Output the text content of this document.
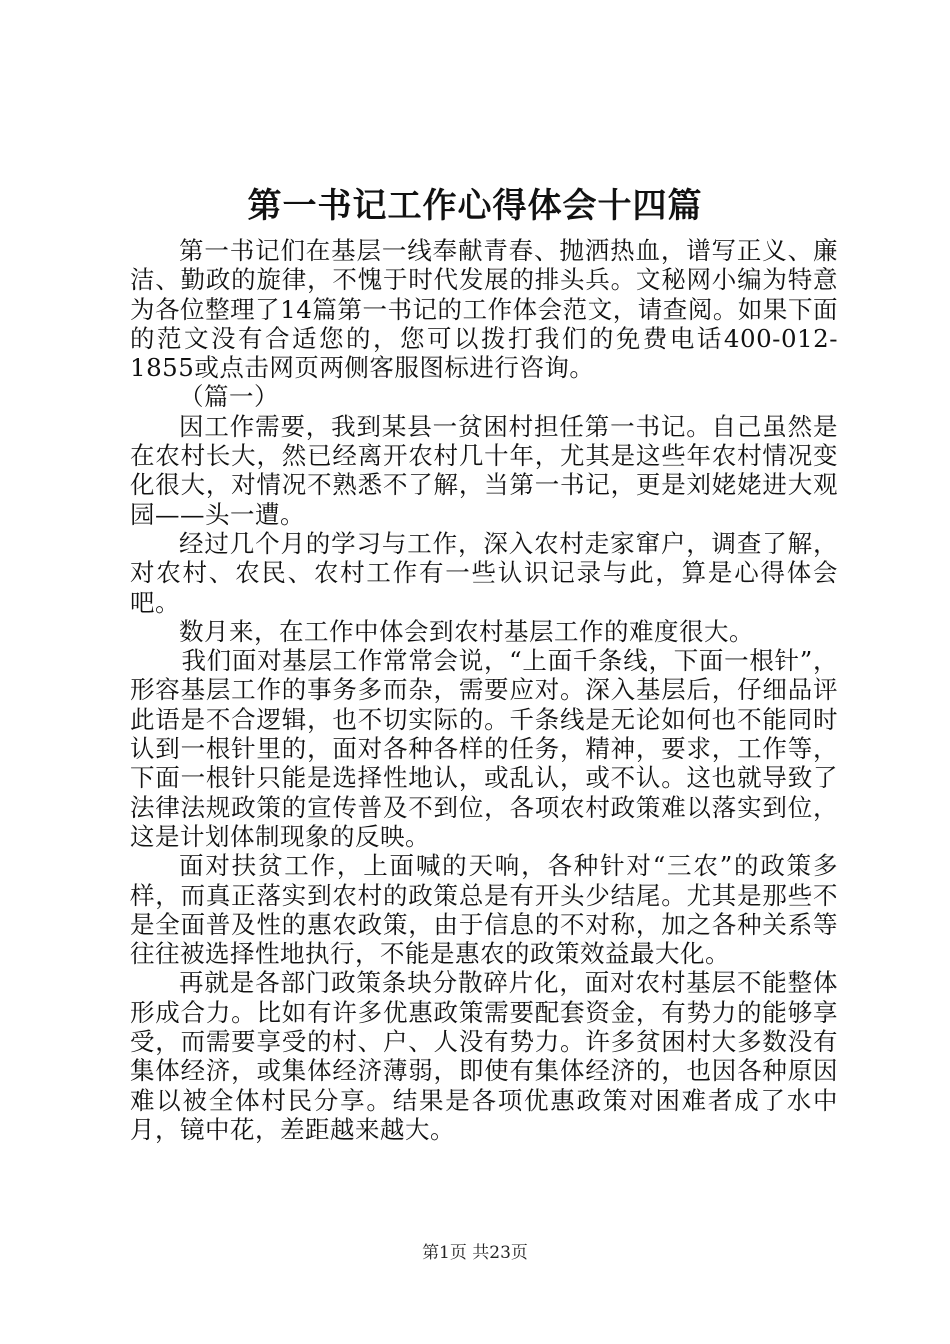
第一书记工作心得体会十四篇

第一书记们在基层一线奉献青春、抛洒热血，谱写正义、廉洁、勤政的旋律，不愧于时代发展的排头兵。文秘网小编为特意为各位整理了14篇第一书记的工作体会范文，请查阅。如果下面的范文没有合适您的，您可以拨打我们的免费电话400-012-1855或点击网页两侧客服图标进行咨询。

（篇一）

因工作需要，我到某县一贫困村担任第一书记。自己虽然是在农村长大，然已经离开农村几十年，尤其是这些年农村情况变化很大，对情况不熟悉不了解，当第一书记，更是刘姥姥进大观园——头一遭。

经过几个月的学习与工作，深入农村走家窜户，调查了解，对农村、农民、农村工作有一些认识记录与此，算是心得体会吧。

数月来，在工作中体会到农村基层工作的难度很大。

我们面对基层工作常常会说，“上面千条线，下面一根针”，形容基层工作的事务多而杂，需要应对。深入基层后，仔细品评此语是不合逻辑，也不切实际的。千条线是无论如何也不能同时认到一根针里的，面对各种各样的任务，精神，要求，工作等，下面一根针只能是选择性地认，或乱认，或不认。这也就导致了法律法规政策的宣传普及不到位，各项农村政策难以落实到位，这是计划体制现象的反映。

面对扶贫工作，上面喊的天响，各种针对“三农”的政策多样，而真正落实到农村的政策总是有开头少结尾。尤其是那些不是全面普及性的惠农政策，由于信息的不对称，加之各种关系等往往被选择性地执行，不能是惠农的政策效益最大化。

再就是各部门政策条块分散碎片化，面对农村基层不能整体形成合力。比如有许多优惠政策需要配套资金，有势力的能够享受，而需要享受的村、户、人没有势力。许多贫困村大多数没有集体经济，或集体经济薄弱，即使有集体经济的，也因各种原因难以被全体村民分享。结果是各项优惠政策对困难者成了水中月，镜中花，差距越来越大。

第1页 共23页
